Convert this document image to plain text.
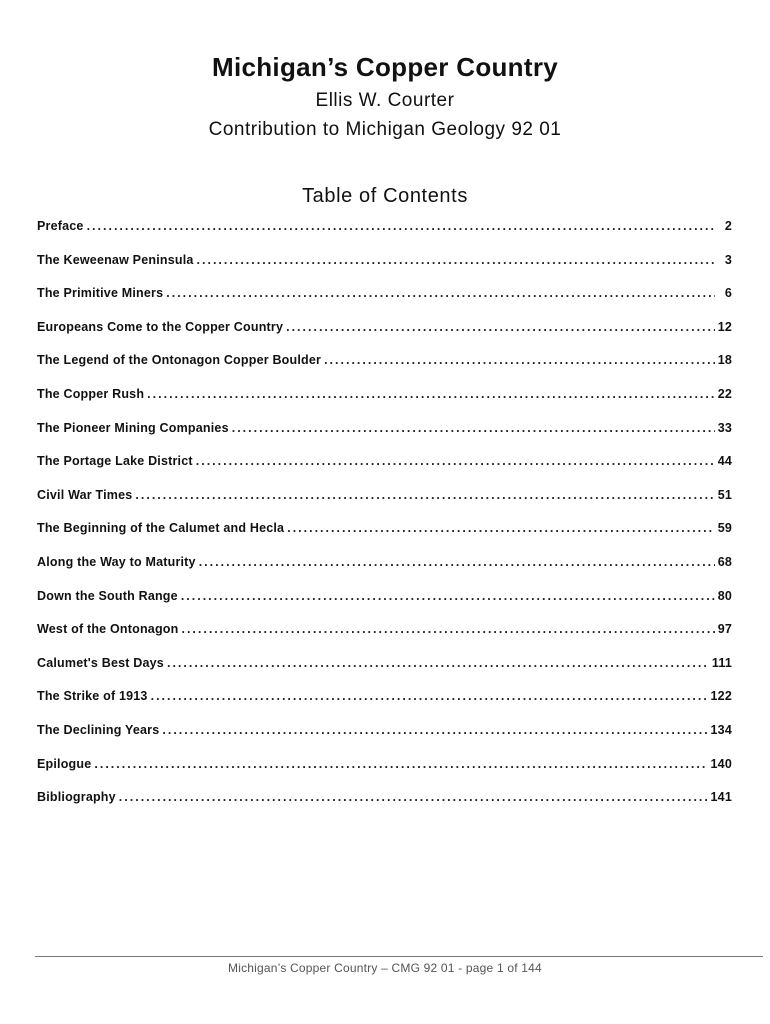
Michigan’s Copper Country
Ellis W. Courter
Contribution to Michigan Geology 92 01
Table of Contents
Preface .....	2
The Keweenaw Peninsula .....	3
The Primitive Miners .....	6
Europeans Come to the Copper Country .....	12
The Legend of the Ontonagon Copper Boulder .....	18
The Copper Rush .....	22
The Pioneer Mining Companies .....	33
The Portage Lake District .....	44
Civil War Times .....	51
The Beginning of the Calumet and Hecla .....	59
Along the Way to Maturity .....	68
Down the South Range .....	80
West of the Ontonagon .....	97
Calumet's Best Days .....	111
The Strike of 1913 .....	122
The Declining Years .....	134
Epilogue .....	140
Bibliography .....	141
Michigan’s Copper Country – CMG 92 01 - page 1 of 144
